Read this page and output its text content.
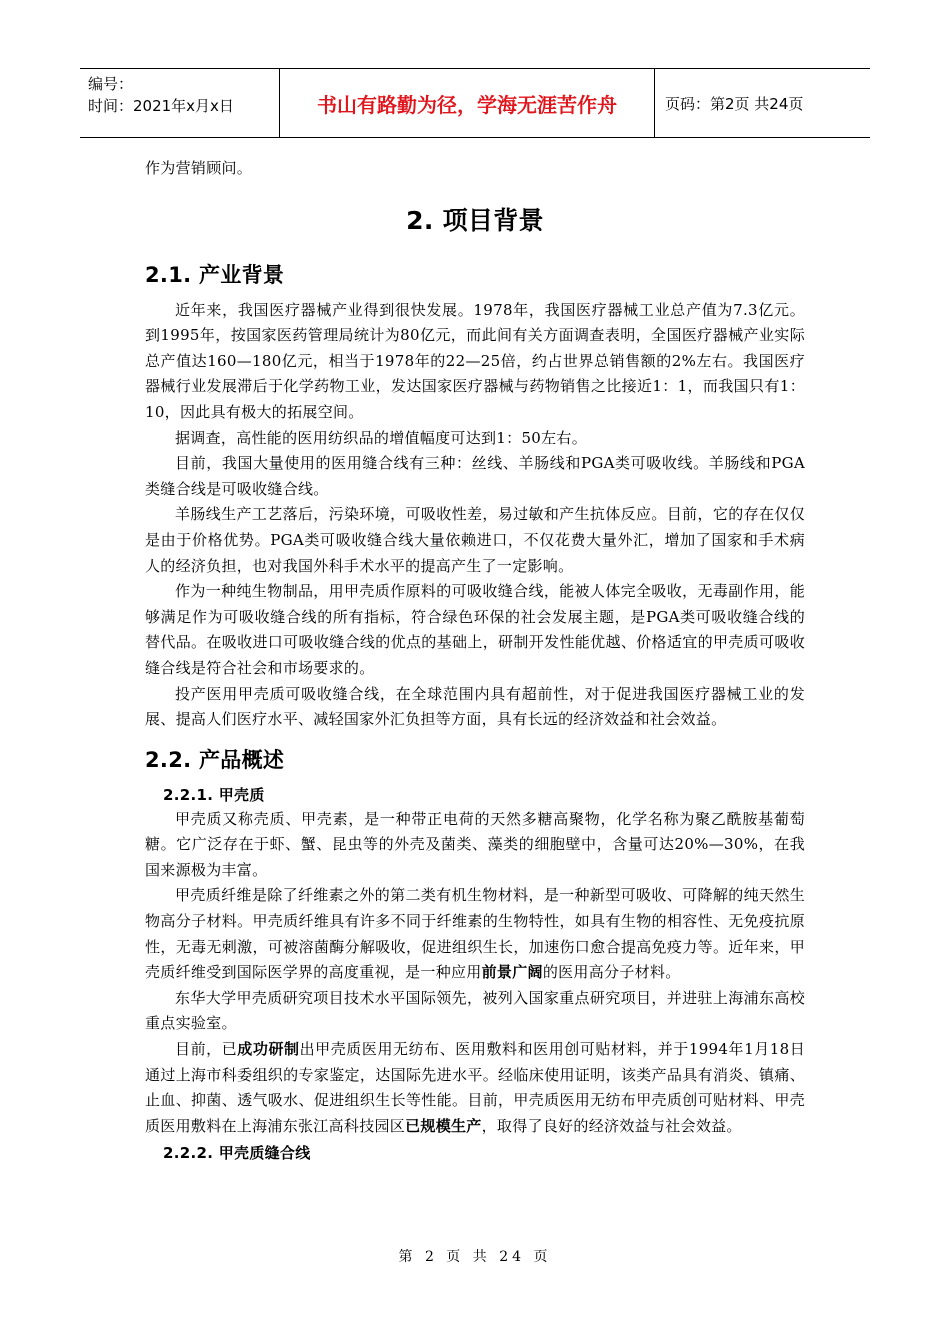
编号：
时间：2021年x月x日	书山有路勤为径，学海无涯苦作舟	页码：第2页 共24页

作为营销顾问。

2. 项目背景
2.1. 产业背景

近年来，我国医疗器械产业得到很快发展。1978年，我国医疗器械工业总产值为7.3亿元。到1995年，按国家医药管理局统计为80亿元，而此间有关方面调查表明，全国医疗器械产业实际总产值达160—180亿元，相当于1978年的22—25倍，约占世界总销售额的2%左右。我国医疗器械行业发展滞后于化学药物工业，发达国家医疗器械与药物销售之比接近1：1，而我国只有1：10，因此具有极大的拓展空间。

据调查，高性能的医用纺织品的增值幅度可达到1：50左右。

目前，我国大量使用的医用缝合线有三种：丝线、羊肠线和PGA类可吸收线。羊肠线和PGA类缝合线是可吸收缝合线。

羊肠线生产工艺落后，污染环境，可吸收性差，易过敏和产生抗体反应。目前，它的存在仅仅是由于价格优势。PGA类可吸收缝合线大量依赖进口，不仅花费大量外汇，增加了国家和手术病人的经济负担，也对我国外科手术水平的提高产生了一定影响。

作为一种纯生物制品，用甲壳质作原料的可吸收缝合线，能被人体完全吸收，无毒副作用，能够满足作为可吸收缝合线的所有指标，符合绿色环保的社会发展主题，是PGA类可吸收缝合线的替代品。在吸收进口可吸收缝合线的优点的基础上，研制开发性能优越、价格适宜的甲壳质可吸收缝合线是符合社会和市场要求的。

投产医用甲壳质可吸收缝合线，在全球范围内具有超前性，对于促进我国医疗器械工业的发展、提高人们医疗水平、减轻国家外汇负担等方面，具有长远的经济效益和社会效益。

2.2. 产品概述
2.2.1. 甲壳质

甲壳质又称壳质、甲壳素，是一种带正电荷的天然多糖高聚物，化学名称为聚乙酰胺基葡萄糖。它广泛存在于虾、蟹、昆虫等的外壳及菌类、藻类的细胞壁中，含量可达20%—30%，在我国来源极为丰富。

甲壳质纤维是除了纤维素之外的第二类有机生物材料，是一种新型可吸收、可降解的纯天然生物高分子材料。甲壳质纤维具有许多不同于纤维素的生物特性，如具有生物的相容性、无免疫抗原性，无毒无刺激，可被溶菌酶分解吸收，促进组织生长，加速伤口愈合提高免疫力等。近年来，甲壳质纤维受到国际医学界的高度重视，是一种应用前景广阔的医用高分子材料。

东华大学甲壳质研究项目技术水平国际领先，被列入国家重点研究项目，并进驻上海浦东高校重点实验室。

目前，已成功研制出甲壳质医用无纺布、医用敷料和医用创可贴材料，并于1994年1月18日通过上海市科委组织的专家鉴定，达国际先进水平。经临床使用证明，该类产品具有消炎、镇痛、止血、抑菌、透气吸水、促进组织生长等性能。目前，甲壳质医用无纺布甲壳质创可贴材料、甲壳质医用敷料在上海浦东张江高科技园区已规模生产，取得了良好的经济效益与社会效益。

2.2.2. 甲壳质缝合线
第 2 页 共 24 页
